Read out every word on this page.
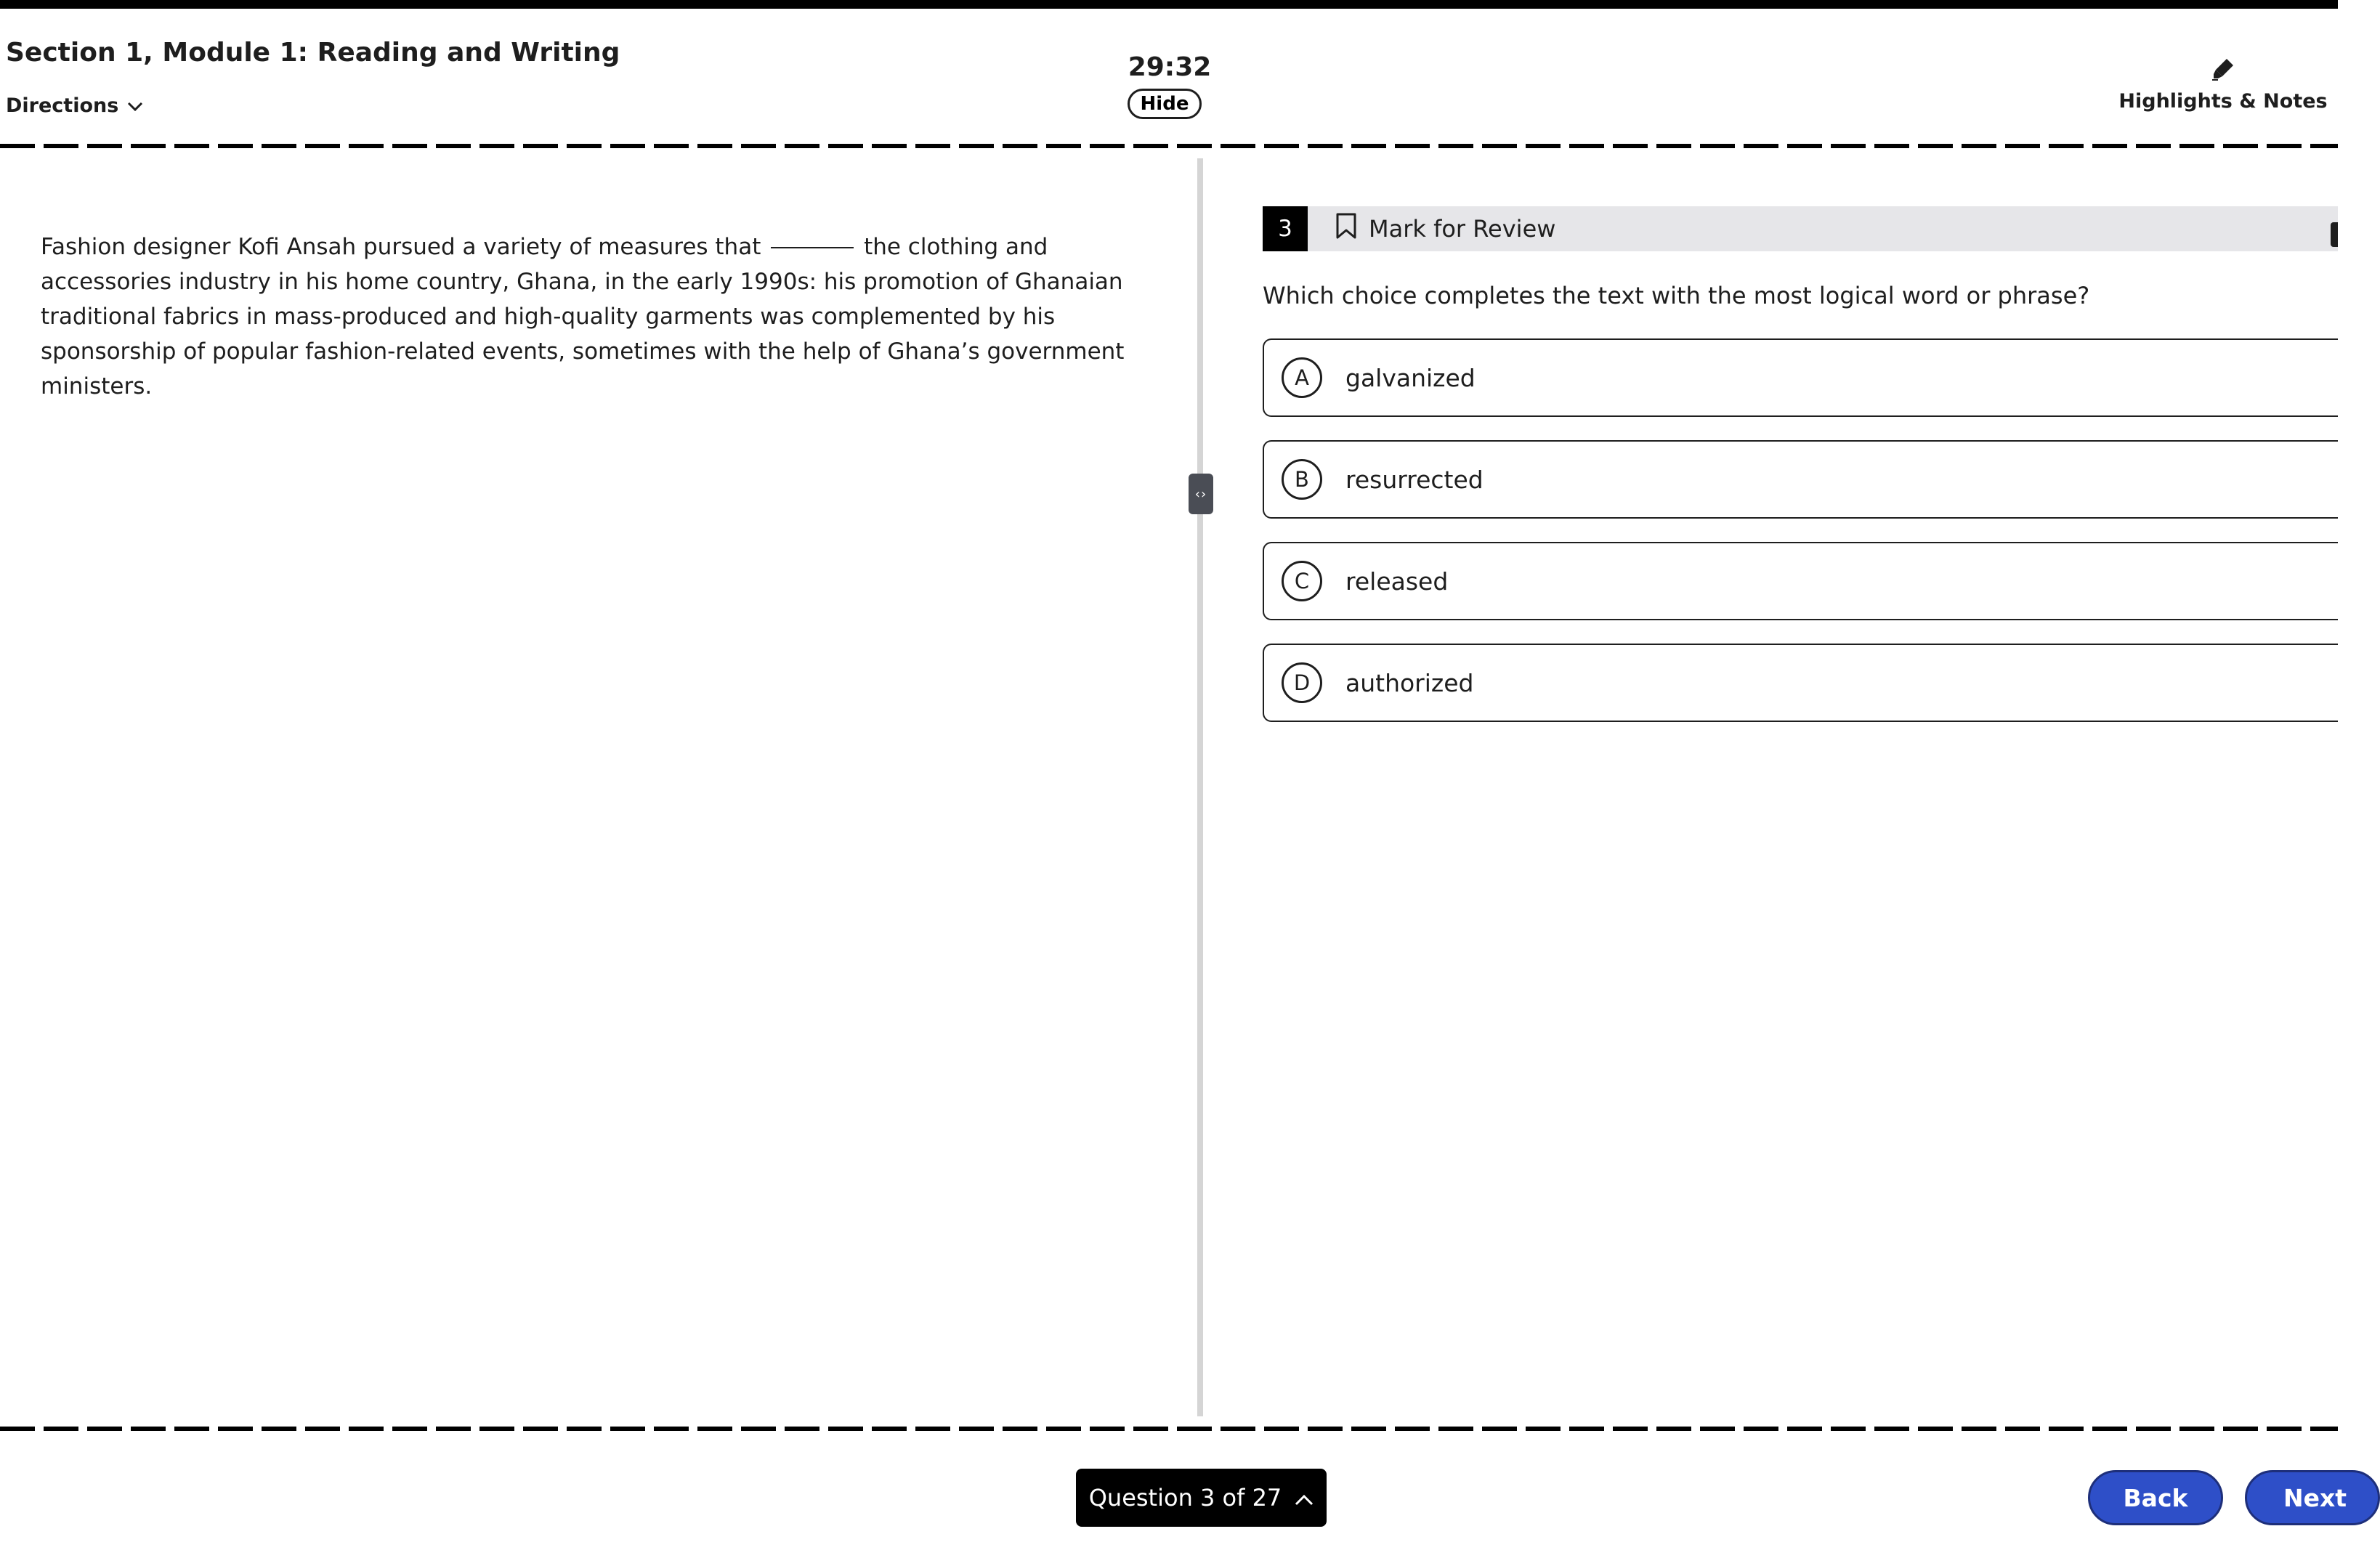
Section 1, Module 1: Reading and Writing
Directions
29:32
Hide	Highlights & Notes
Fashion designer Kofi Ansah pursued a variety of measures that	the clothing and accessories industry in his home country, Ghana, in the early 1990s: his promotion of Ghanaian traditional fabrics in mass-produced and high-quality garments was complemented by his sponsorship of popular fashion-related events, sometimes with the help of Ghana’s government ministers.
‹›
3	Mark for Review
Which choice completes the text with the most logical word or phrase?
A	galvanized
B	resurrected
C	released
D	authorized
Question 3 of 27	Back	Next
